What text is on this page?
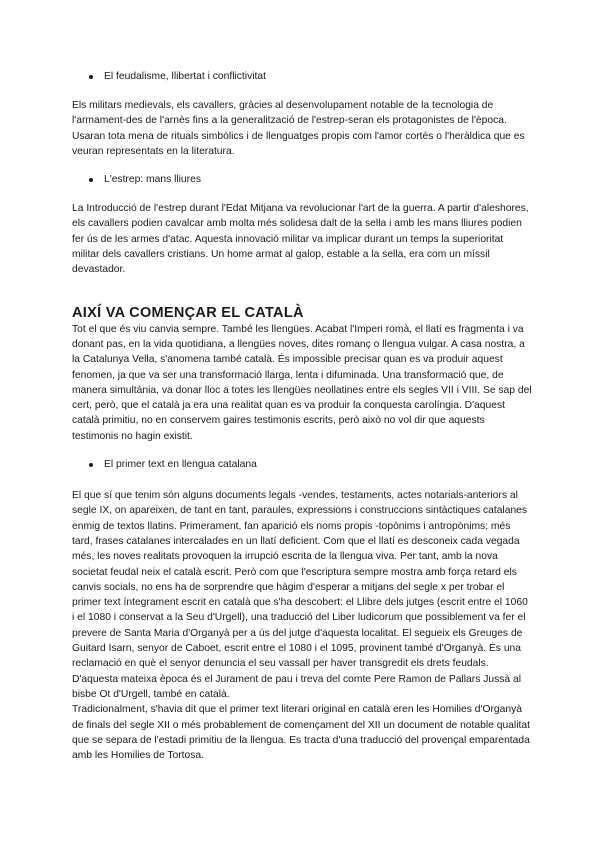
El feudalisme, llibertat i conflictivitat

Els militars medievals, els cavallers, gràcies al desenvolupament notable de la tecnologia de l'armament-des de l'arnès fins a la generalització de l'estrep-seran els protagonistes de l'època. Usaran tota mena de rituals simbòlics i de llenguatges propis com l'amor cortès o l'heràldica que es veuran representats en la literatura.

L'estrep: mans lliures

La Introducció de l'estrep durant l'Edat Mitjana va revolucionar l'art de la guerra. A partir d'aleshores, els cavallers podien cavalcar amb molta més solidesa dalt de la sella i amb les mans lliures podien fer ús de les armes d'atac. Aquesta innovació militar va implicar durant un temps la superioritat militar dels cavallers cristians. Un home armat al galop, estable a la sella, era com un míssil devastador.

AIXÍ VA COMENÇAR EL CATALÀ

Tot el que és viu canvia sempre. També les llengües. Acabat l'Imperi romà, el llatí es fragmenta i va donant pas, en la vida quotidiana, a llengües noves, dites romanç o llengua vulgar. A casa nostra, a la Catalunya Vella, s'anomena també català. És impossible precisar quan es va produir aquest fenomen, ja que va ser una transformació llarga, lenta i difuminada. Una transformació que, de manera simultània, va donar lloc a totes les llengües neollatines entre els segles VII i VIII. Se sap del cert, però, que el català ja era una realitat quan es va produir la conquesta carolíngia. D'aquest català primitiu, no en conservem gaires testimonis escrits, però això no vol dir que aquests testimonis no hagin existit.

El primer text en llengua catalana

El que sí que tenim són alguns documents legals -vendes, testaments, actes notarials-anteriors al segle IX, on apareixen, de tant en tant, paraules, expressions i construccions sintàctiques catalanes enmig de textos llatins. Primerament, fan aparició els noms propis -topònims i antropònims; més tard, frases catalanes intercalades en un llatí deficient. Com que el llatí es desconeix cada vegada més, les noves realitats provoquen la irrupció escrita de la llengua viva. Per tant, amb la nova societat feudal neix el català escrit. Però com que l'escriptura sempre mostra amb força retard els canvis socials, no ens ha de sorprendre que hàgim d'esperar a mitjans del segle x per trobar el primer text íntegrament escrit en català que s'ha descobert: el Llibre dels jutges (escrit entre el 1060 i el 1080 i conservat a la Seu d'Urgell), una traducció del Liber ludicorum que possiblement va fer el prevere de Santa Maria d'Organyà per a ús del jutge d'aquesta localitat. El segueix els Greuges de Guitard Isarn, senyor de Caboet, escrit entre el 1080 i el 1095, provinent també d'Organyà. És una reclamació en què el senyor denuncia el seu vassall per haver transgredit els drets feudals. D'aquesta mateixa època és el Jurament de pau i treva del comte Pere Ramon de Pallars Jussà al bisbe Ot d'Urgell, també en català.

Tradicionalment, s'havia dit que el primer text literari original en català eren les Homilies d'Organyà de finals del segle XII o més probablement de començament del XII un document de notable qualitat que se separa de l'estadi primitiu de la llengua. Es tracta d'una traducció del provençal emparentada amb les Homilies de Tortosa.
